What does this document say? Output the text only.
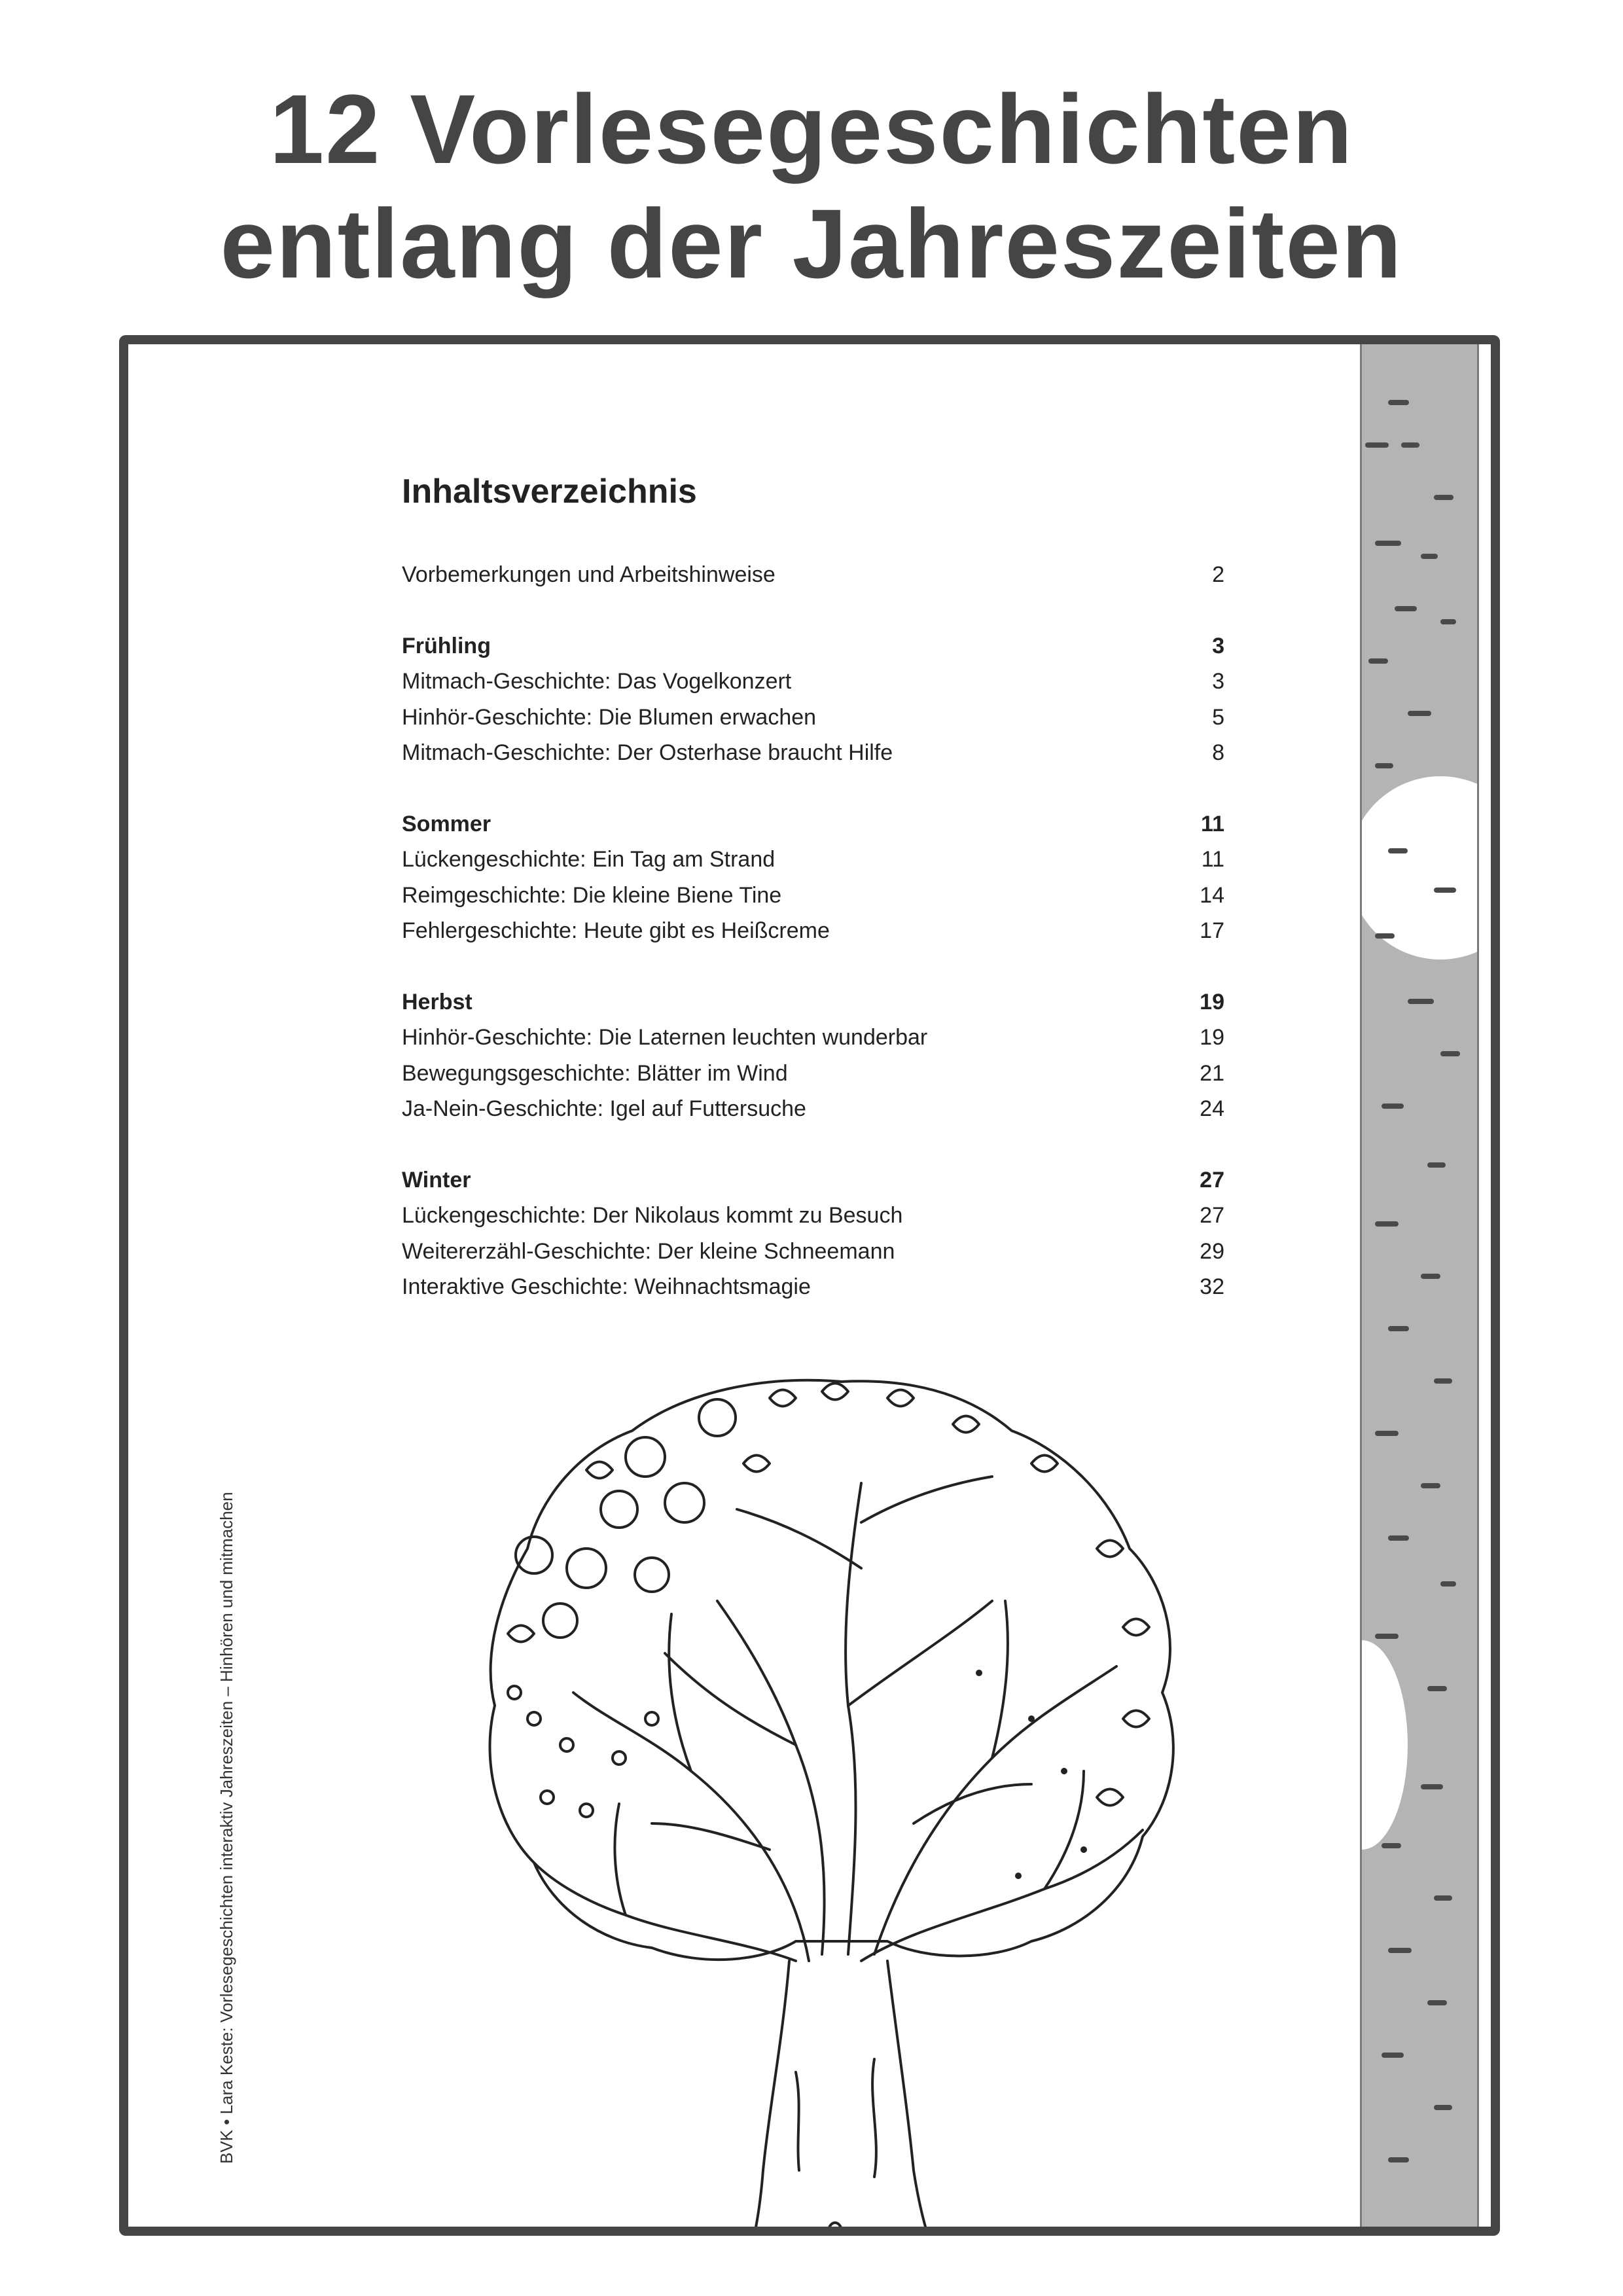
12 Vorlesegeschichten
entlang der Jahreszeiten
BVK • Lara Keste: Vorlesegeschichten interaktiv Jahreszeiten – Hinhören und mitmachen
Inhaltsverzeichnis
Vorbemerkungen und Arbeitshinweise	2
Frühling	3
Mitmach-Geschichte: Das Vogelkonzert	3
Hinhör-Geschichte: Die Blumen erwachen	5
Mitmach-Geschichte: Der Osterhase braucht Hilfe	8
Sommer	11
Lückengeschichte: Ein Tag am Strand	11
Reimgeschichte: Die kleine Biene Tine	14
Fehlergeschichte: Heute gibt es Heißcreme	17
Herbst	19
Hinhör-Geschichte: Die Laternen leuchten wunderbar	19
Bewegungsgeschichte: Blätter im Wind	21
Ja-Nein-Geschichte: Igel auf Futtersuche	24
Winter	27
Lückengeschichte: Der Nikolaus kommt zu Besuch	27
Weitererzähl-Geschichte: Der kleine Schneemann	29
Interaktive Geschichte: Weihnachtsmagie	32
